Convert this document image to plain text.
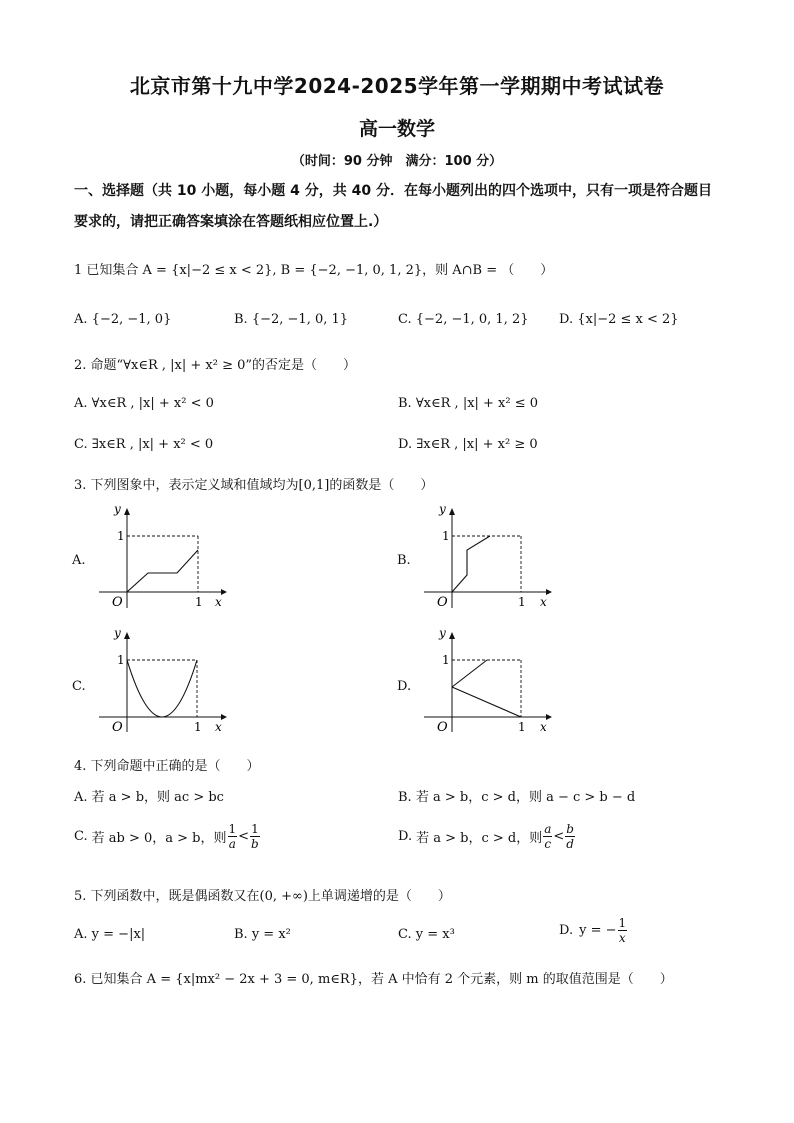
北京市第十九中学2024-2025学年第一学期期中考试试卷
高一数学
（时间：90 分钟　满分：100 分）
一、选择题（共 10 小题，每小题 4 分，共 40 分．在每小题列出的四个选项中，只有一项是符合题目要求的，请把正确答案填涂在答题纸相应位置上.）
1 已知集合 A = {x|−2 ≤ x < 2}, B = {−2, −1, 0, 1, 2}，则 A∩B = （　　）
A. {−2, −1, 0}	B. {−2, −1, 0, 1}	C. {−2, −1, 0, 1, 2} D. {x|−2 ≤ x < 2}
2. 命题“∀x∈R , |x| + x² ≥ 0”的否定是（　　）
A. ∀x∈R , |x| + x² < 0	B. ∀x∈R , |x| + x² ≤ 0
C. ∃x∈R , |x| + x² < 0	D. ∃x∈R , |x| + x² ≥ 0
3. 下列图象中，表示定义域和值域均为[0,1]的函数是（　　）
A.	B.
C.	D.
y
1
O	1 x
y
1
O	1 x
y
1
O	1 x
y
1
O	1 x
4. 下列命题中正确的是（　　）
A. 若 a > b，则 ac > bc	B. 若 a > b，c > d，则 a − c > b − d
C. 若 ab > 0，a > b，则 $\frac{1}{a} < \frac{1}{b}$	D. 若 a > b，c > d，则 $\frac{a}{c} < \frac{b}{d}$
5. 下列函数中，既是偶函数又在(0, +∞)上单调递增的是（　　）
A. y = −|x|	B. y = x²	C. y = x³	D. y = − $\frac{1}{x}$
6. 已知集合 A = {x|mx² − 2x + 3 = 0, m∈R}，若 A 中恰有 2 个元素，则 m 的取值范围是（　　）
